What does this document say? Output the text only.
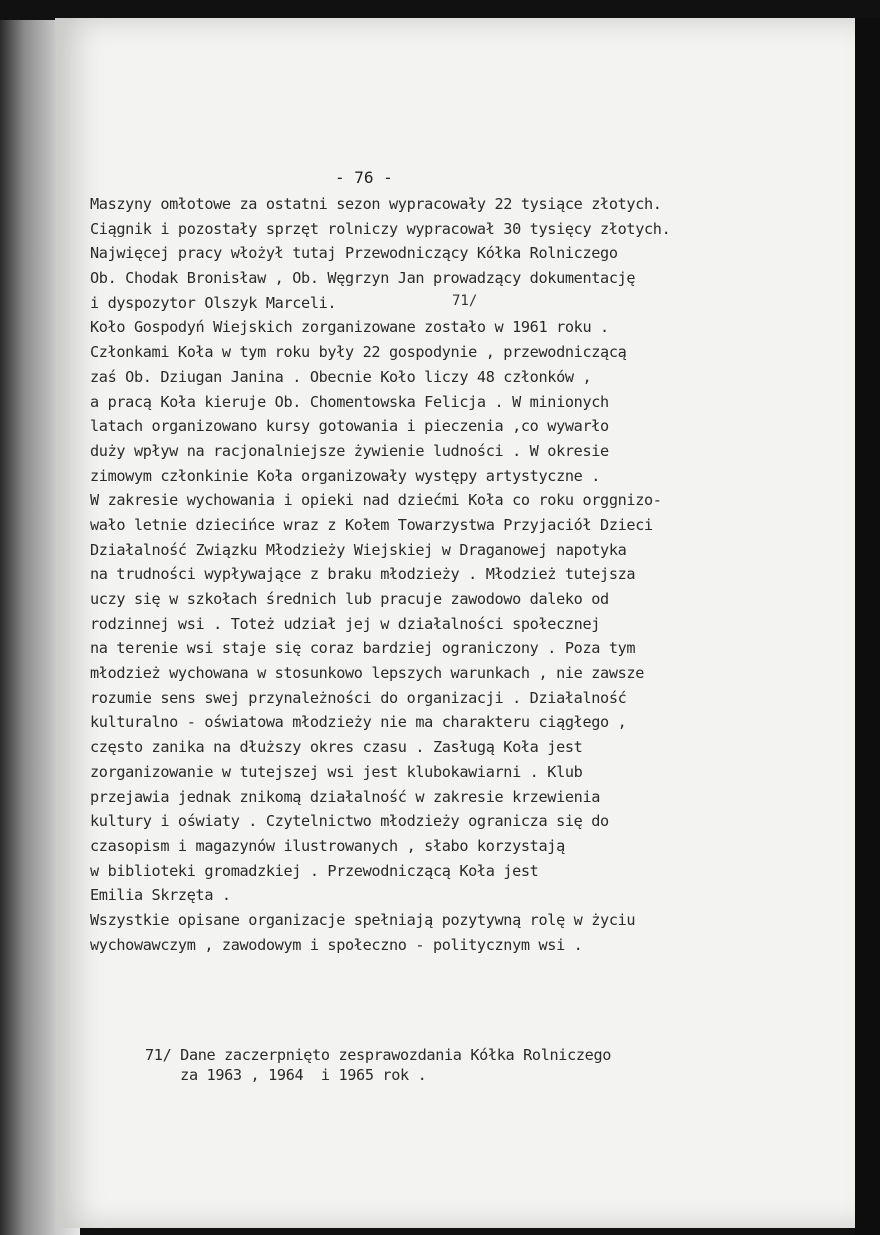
- 76 -
Maszyny omłotowe za ostatni sezon wypracowały 22 tysiące złotych.
Ciągnik i pozostały sprzęt rolniczy wypracował 30 tysięcy złotych.
Najwięcej pracy włożył tutaj Przewodniczący Kółka Rolniczego
Ob. Chodak Bronisław , Ob. Węgrzyn Jan prowadzący dokumentację
i dyspozytor Olszyk Marceli.
Koło Gospodyń Wiejskich zorganizowane zostało w 1961 roku .
Członkami Koła w tym roku były 22 gospodynie , przewodniczącą
zaś Ob. Dziugan Janina . Obecnie Koło liczy 48 członków ,
a pracą Koła kieruje Ob. Chomentowska Felicja . W minionych
latach organizowano kursy gotowania i pieczenia ,co wywarło
duży wpływ na racjonalniejsze żywienie ludności . W okresie
zimowym członkinie Koła organizowały występy artystyczne .
W zakresie wychowania i opieki nad dziećmi Koła co roku orggnizo-
wało letnie dziecińce wraz z Kołem Towarzystwa Przyjaciół Dzieci
Działalność Związku Młodzieży Wiejskiej w Draganowej napotyka
na trudności wypływające z braku młodzieży . Młodzież tutejsza
uczy się w szkołach średnich lub pracuje zawodowo daleko od
rodzinnej wsi . Toteż udział jej w działalności społecznej
na terenie wsi staje się coraz bardziej ograniczony . Poza tym
młodzież wychowana w stosunkowo lepszych warunkach , nie zawsze
rozumie sens swej przynależności do organizacji . Działalność
kulturalno - oświatowa młodzieży nie ma charakteru ciągłego ,
często zanika na dłuższy okres czasu . Zasługą Koła jest
zorganizowanie w tutejszej wsi jest klubokawiarni . Klub
przejawia jednak znikomą działalność w zakresie krzewienia
kultury i oświaty . Czytelnictwo młodzieży ogranicza się do
czasopism i magazynów ilustrowanych , słabo korzystają
w biblioteki gromadzkiej . Przewodniczącą Koła jest
Emilia Skrzęta .
Wszystkie opisane organizacje spełniają pozytywną rolę w życiu
wychowawczym , zawodowym i społeczno - politycznym wsi .
71/
71/ Dane zaczerpnięto zesprawozdania Kółka Rolniczego
za 1963 , 1964  i 1965 rok .
